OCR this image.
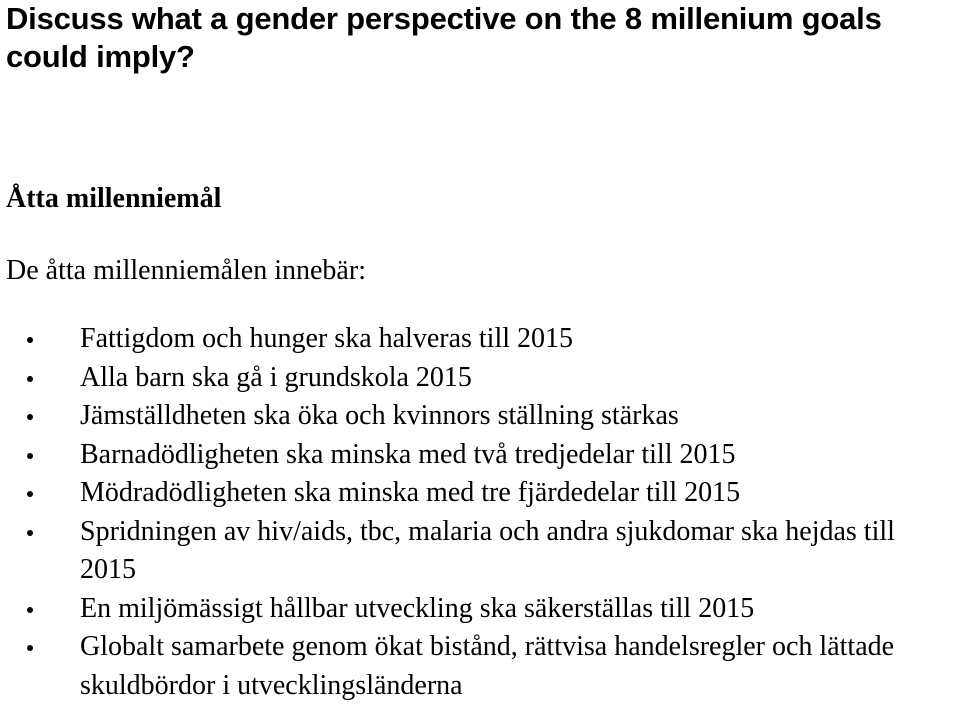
Discuss what a gender perspective on the 8 millenium goals could imply?
Åtta millenniemål

De åtta millenniemålen innebär:

Fattigdom och hunger ska halveras till 2015
Alla barn ska gå i grundskola 2015
Jämställdheten ska öka och kvinnors ställning stärkas
Barnadödligheten ska minska med två tredjedelar till 2015
Mödradödligheten ska minska med tre fjärdedelar till 2015
Spridningen av hiv/aids, tbc, malaria och andra sjukdomar ska hejdas till 2015
En miljömässigt hållbar utveckling ska säkerställas till 2015
Globalt samarbete genom ökat bistånd, rättvisa handelsregler och lättade skuldbördor i utvecklingsländerna
